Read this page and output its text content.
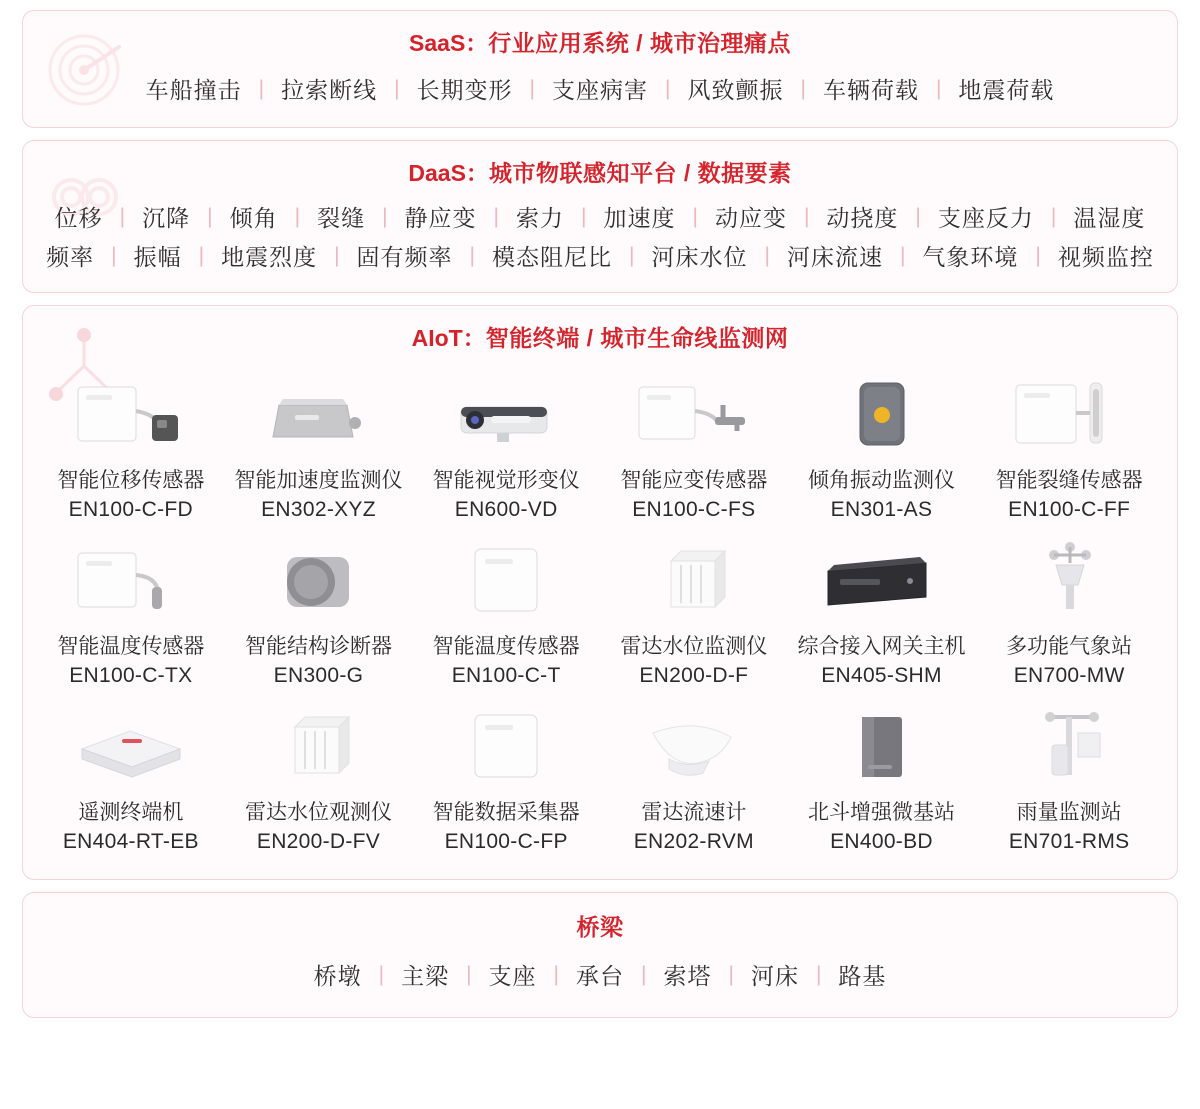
SaaS：行业应用系统 / 城市治理痛点
车船撞击 | 拉索断线 | 长期变形 | 支座病害 | 风致颤振 | 车辆荷载 | 地震荷载
DaaS：城市物联感知平台 / 数据要素
位移 | 沉降 | 倾角 | 裂缝 | 静应变 | 索力 | 加速度 | 动应变 | 动挠度 | 支座反力 | 温湿度
频率 | 振幅 | 地震烈度 | 固有频率 | 模态阻尼比 | 河床水位 | 河床流速 | 气象环境 | 视频监控
AIoT：智能终端 / 城市生命线监测网
智能位移传感器
EN100-C-FD
智能加速度监测仪
EN302-XYZ
智能视觉形变仪
EN600-VD
智能应变传感器
EN100-C-FS
倾角振动监测仪
EN301-AS
智能裂缝传感器
EN100-C-FF
智能温度传感器
EN100-C-TX
智能结构诊断器
EN300-G
智能温度传感器
EN100-C-T
雷达水位监测仪
EN200-D-F
综合接入网关主机
EN405-SHM
多功能气象站
EN700-MW
遥测终端机
EN404-RT-EB
雷达水位观测仪
EN200-D-FV
智能数据采集器
EN100-C-FP
雷达流速计
EN202-RVM
北斗增强微基站
EN400-BD
雨量监测站
EN701-RMS
桥梁
桥墩 | 主梁 | 支座 | 承台 | 索塔 | 河床 | 路基
